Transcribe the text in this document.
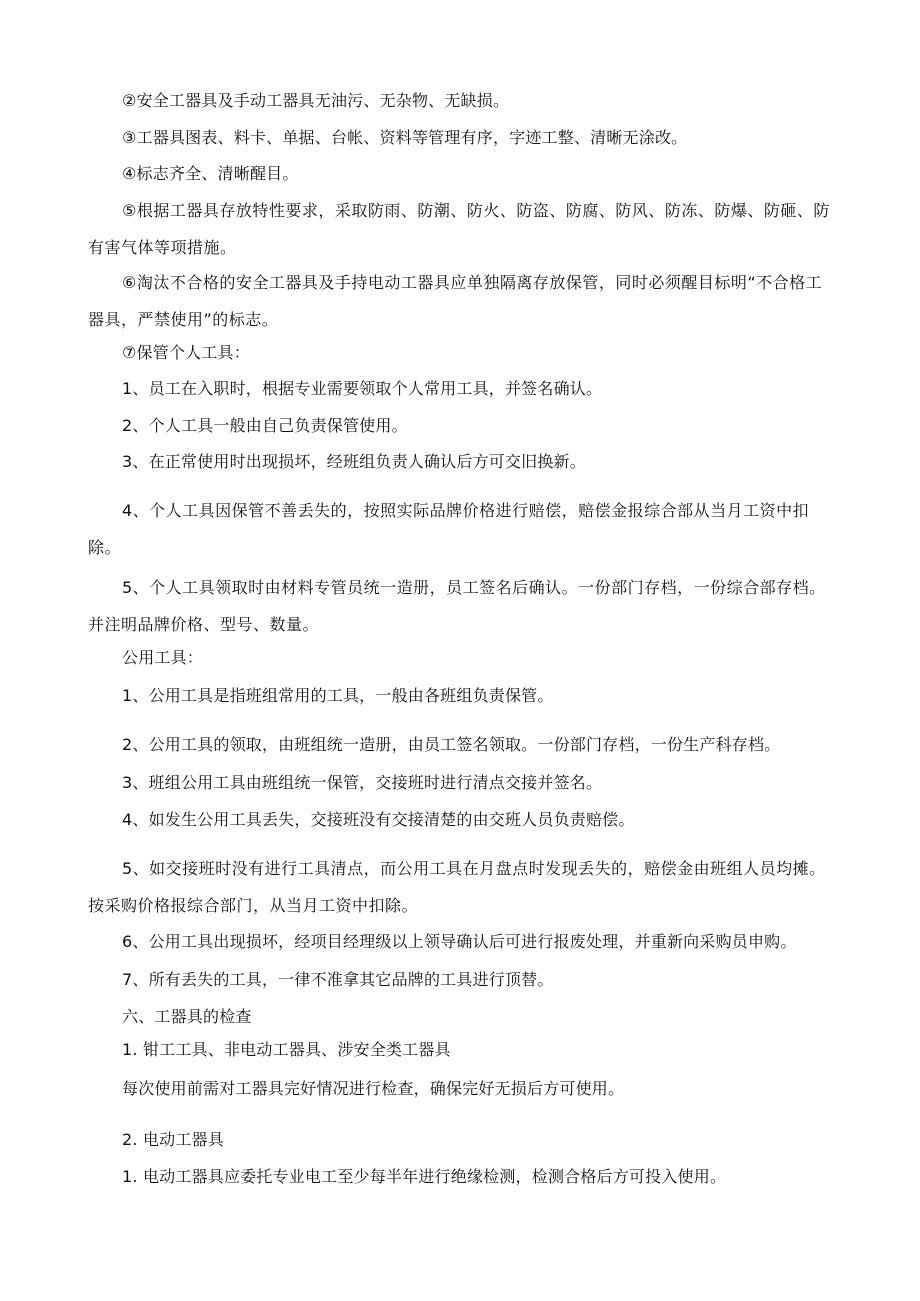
②安全工器具及手动工器具无油污、无杂物、无缺损。

③工器具图表、料卡、单据、台帐、资料等管理有序，字迹工整、清晰无涂改。

④标志齐全、清晰醒目。

⑤根据工器具存放特性要求，采取防雨、防潮、防火、防盗、防腐、防风、防冻、防爆、防砸、防有害气体等项措施。

⑥淘汰不合格的安全工器具及手持电动工器具应单独隔离存放保管，同时必须醒目标明“不合格工器具，严禁使用”的标志。

⑦保管个人工具：

1、员工在入职时，根据专业需要领取个人常用工具，并签名确认。

2、个人工具一般由自己负责保管使用。

3、在正常使用时出现损坏，经班组负责人确认后方可交旧换新。

4、个人工具因保管不善丢失的，按照实际品牌价格进行赔偿，赔偿金报综合部从当月工资中扣除。

5、个人工具领取时由材料专管员统一造册，员工签名后确认。一份部门存档，一份综合部存档。并注明品牌价格、型号、数量。

公用工具：

1、公用工具是指班组常用的工具，一般由各班组负责保管。

2、公用工具的领取，由班组统一造册，由员工签名领取。一份部门存档，一份生产科存档。

3、班组公用工具由班组统一保管，交接班时进行清点交接并签名。

4、如发生公用工具丢失，交接班没有交接清楚的由交班人员负责赔偿。

5、如交接班时没有进行工具清点，而公用工具在月盘点时发现丢失的，赔偿金由班组人员均摊。按采购价格报综合部门，从当月工资中扣除。

6、公用工具出现损坏，经项目经理级以上领导确认后可进行报废处理，并重新向采购员申购。

7、所有丢失的工具，一律不准拿其它品牌的工具进行顶替。

六、工器具的检查

1. 钳工工具、非电动工器具、涉安全类工器具

每次使用前需对工器具完好情况进行检查，确保完好无损后方可使用。

2. 电动工器具

1. 电动工器具应委托专业电工至少每半年进行绝缘检测，检测合格后方可投入使用。
